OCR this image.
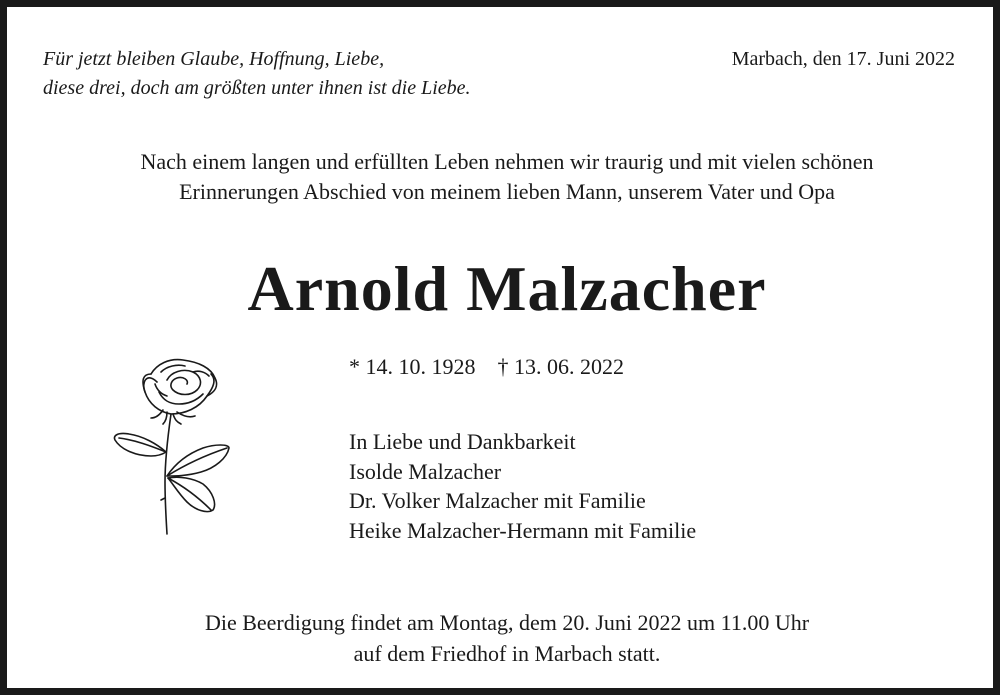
Für jetzt bleiben Glaube, Hoffnung, Liebe,
diese drei, doch am größten unter ihnen ist die Liebe.
Marbach, den 17. Juni 2022
Nach einem langen und erfüllten Leben nehmen wir traurig und mit vielen schönen
Erinnerungen Abschied von meinem lieben Mann, unserem Vater und Opa
Arnold Malzacher
* 14. 10. 1928 † 13. 06. 2022
In Liebe und Dankbarkeit
Isolde Malzacher
Dr. Volker Malzacher mit Familie
Heike Malzacher-Hermann mit Familie
Die Beerdigung findet am Montag, dem 20. Juni 2022 um 11.00 Uhr
auf dem Friedhof in Marbach statt.
